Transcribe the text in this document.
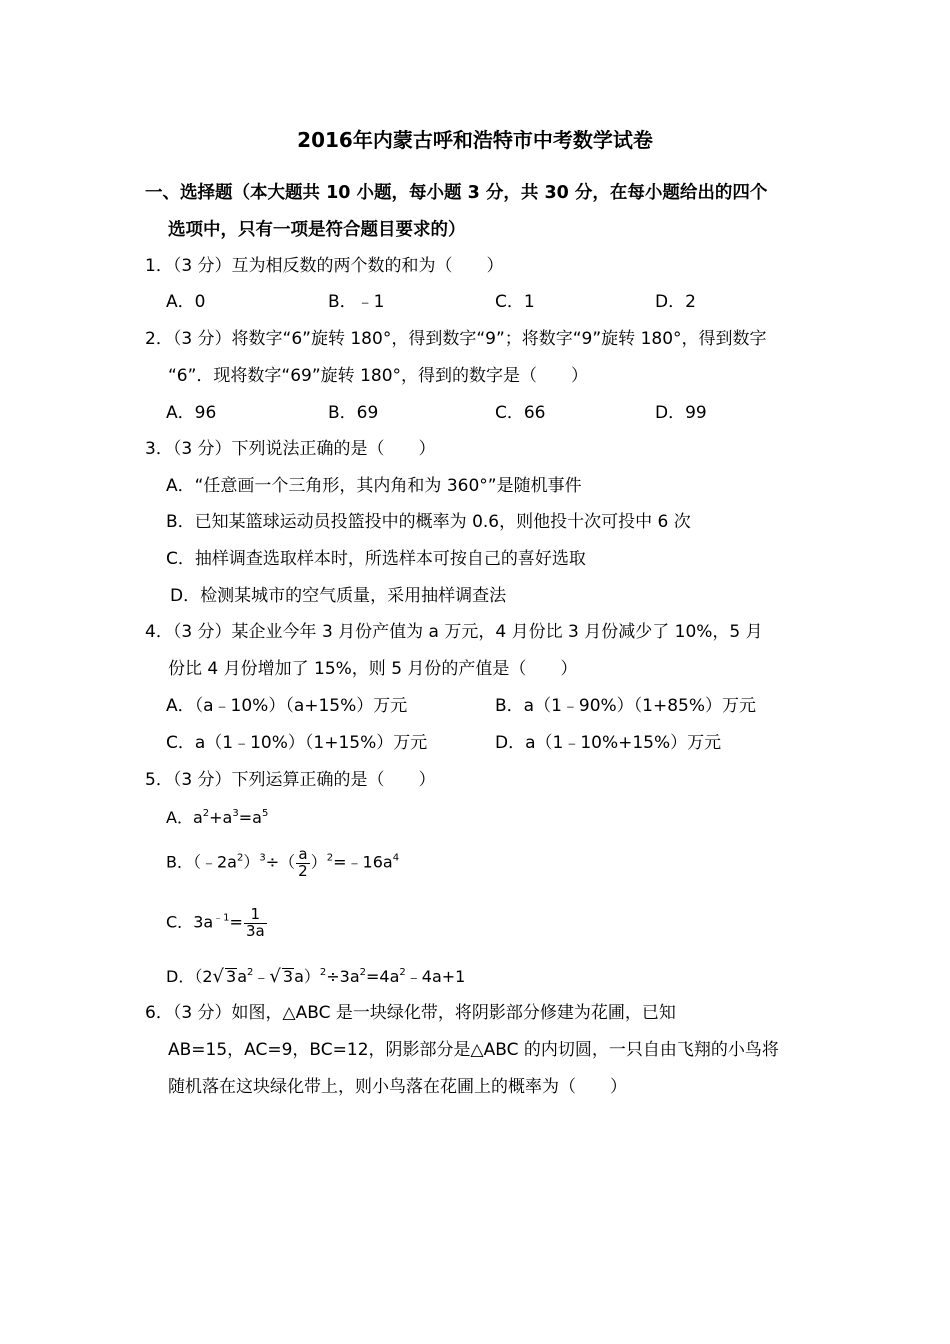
2016年内蒙古呼和浩特市中考数学试卷
一、选择题（本大题共 10 小题，每小题 3 分，共 30 分，在每小题给出的四个
选项中，只有一项是符合题目要求的）
1．（3 分）互为相反数的两个数的和为（　　）
A．0	B．﹣1	C．1	D．2
2．（3 分）将数字“6”旋转 180°，得到数字“9”；将数字“9”旋转 180°，得到数字
“6”．现将数字“69”旋转 180°，得到的数字是（　　）
A．96	B．69	C．66	D．99
3．（3 分）下列说法正确的是（　　）
A．“任意画一个三角形，其内角和为 360°”是随机事件
B．已知某篮球运动员投篮投中的概率为 0.6，则他投十次可投中 6 次
C．抽样调查选取样本时，所选样本可按自己的喜好选取
D．检测某城市的空气质量，采用抽样调查法
4．（3 分）某企业今年 3 月份产值为 a 万元，4 月份比 3 月份减少了 10%，5 月
份比 4 月份增加了 15%，则 5 月份的产值是（　　）
A．（a﹣10%）（a+15%）万元	B．a（1﹣90%）（1+85%）万元
C．a（1﹣10%）（1+15%）万元	D．a（1﹣10%+15%）万元
5．（3 分）下列运算正确的是（　　）
A．$a^2+a^3=a^5$
B．$(﹣2a^2)^3\div( \frac{a}{2}$ ）$^2=﹣16a^4$
C．$3a^{﹣1}= \frac{1}{3a}$
D．（2√ $3a^2﹣√$ $3a)^2\div 3a^2=4a^2﹣4a+1$
6．（3 分）如图，△ABC 是一块绿化带，将阴影部分修建为花圃，已知
AB=15，AC=9，BC=12，阴影部分是△ABC 的内切圆，一只自由飞翔的小鸟将
随机落在这块绿化带上，则小鸟落在花圃上的概率为（　　）
